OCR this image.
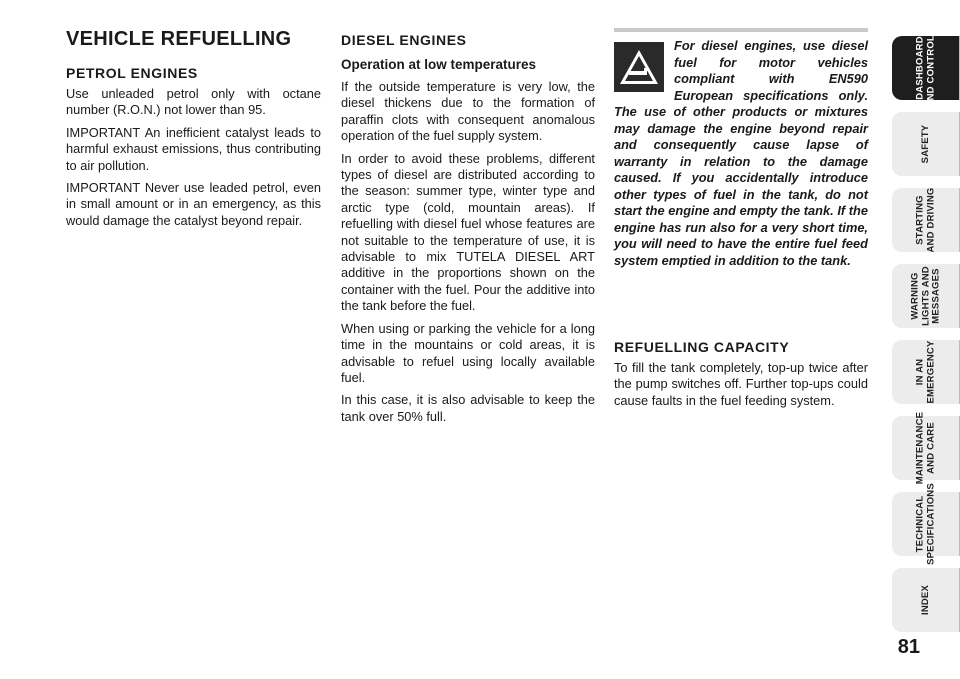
VEHICLE REFUELLING
PETROL ENGINES

Use unleaded petrol only with octane number (R.O.N.) not lower than 95.

IMPORTANT An inefficient catalyst leads to harmful exhaust emissions, thus contributing to air pollution.

IMPORTANT Never use leaded petrol, even in small amount or in an emergency, as this would damage the catalyst beyond repair.

DIESEL ENGINES
Operation at low temperatures

If the outside temperature is very low, the diesel thickens due to the formation of paraffin clots with consequent anomalous operation of the fuel supply system.

In order to avoid these problems, different types of diesel are distributed according to the season: summer type, winter type and arctic type (cold, mountain areas). If refuelling with diesel fuel whose features are not suitable to the temperature of use, it is advisable to mix TUTELA DIESEL ART additive in the proportions shown on the container with the fuel. Pour the additive into the tank before the fuel.

When using or parking the vehicle for a long time in the mountains or cold areas, it is advisable to refuel using locally available fuel.

In this case, it is also advisable to keep the tank over 50% full.

For diesel engines, use diesel fuel for motor vehicles compliant with EN590 European specifications only. The use of other products or mixtures may damage the engine beyond repair and consequently cause lapse of warranty in relation to the damage caused. If you accidentally introduce other types of fuel in the tank, do not start the engine and empty the tank. If the engine has run also for a very short time, you will need to have the entire fuel feed system emptied in addition to the tank.

REFUELLING CAPACITY

To fill the tank completely, top-up twice after the pump switches off. Further top-ups could cause faults in the fuel feeding system.

DASHBOARD
AND CONTROLS
SAFETY
STARTING
AND DRIVING
WARNING
LIGHTS AND
MESSAGES
IN AN
EMERGENCY
MAINTENANCE
AND CARE
TECHNICAL
SPECIFICATIONS
INDEX
81
